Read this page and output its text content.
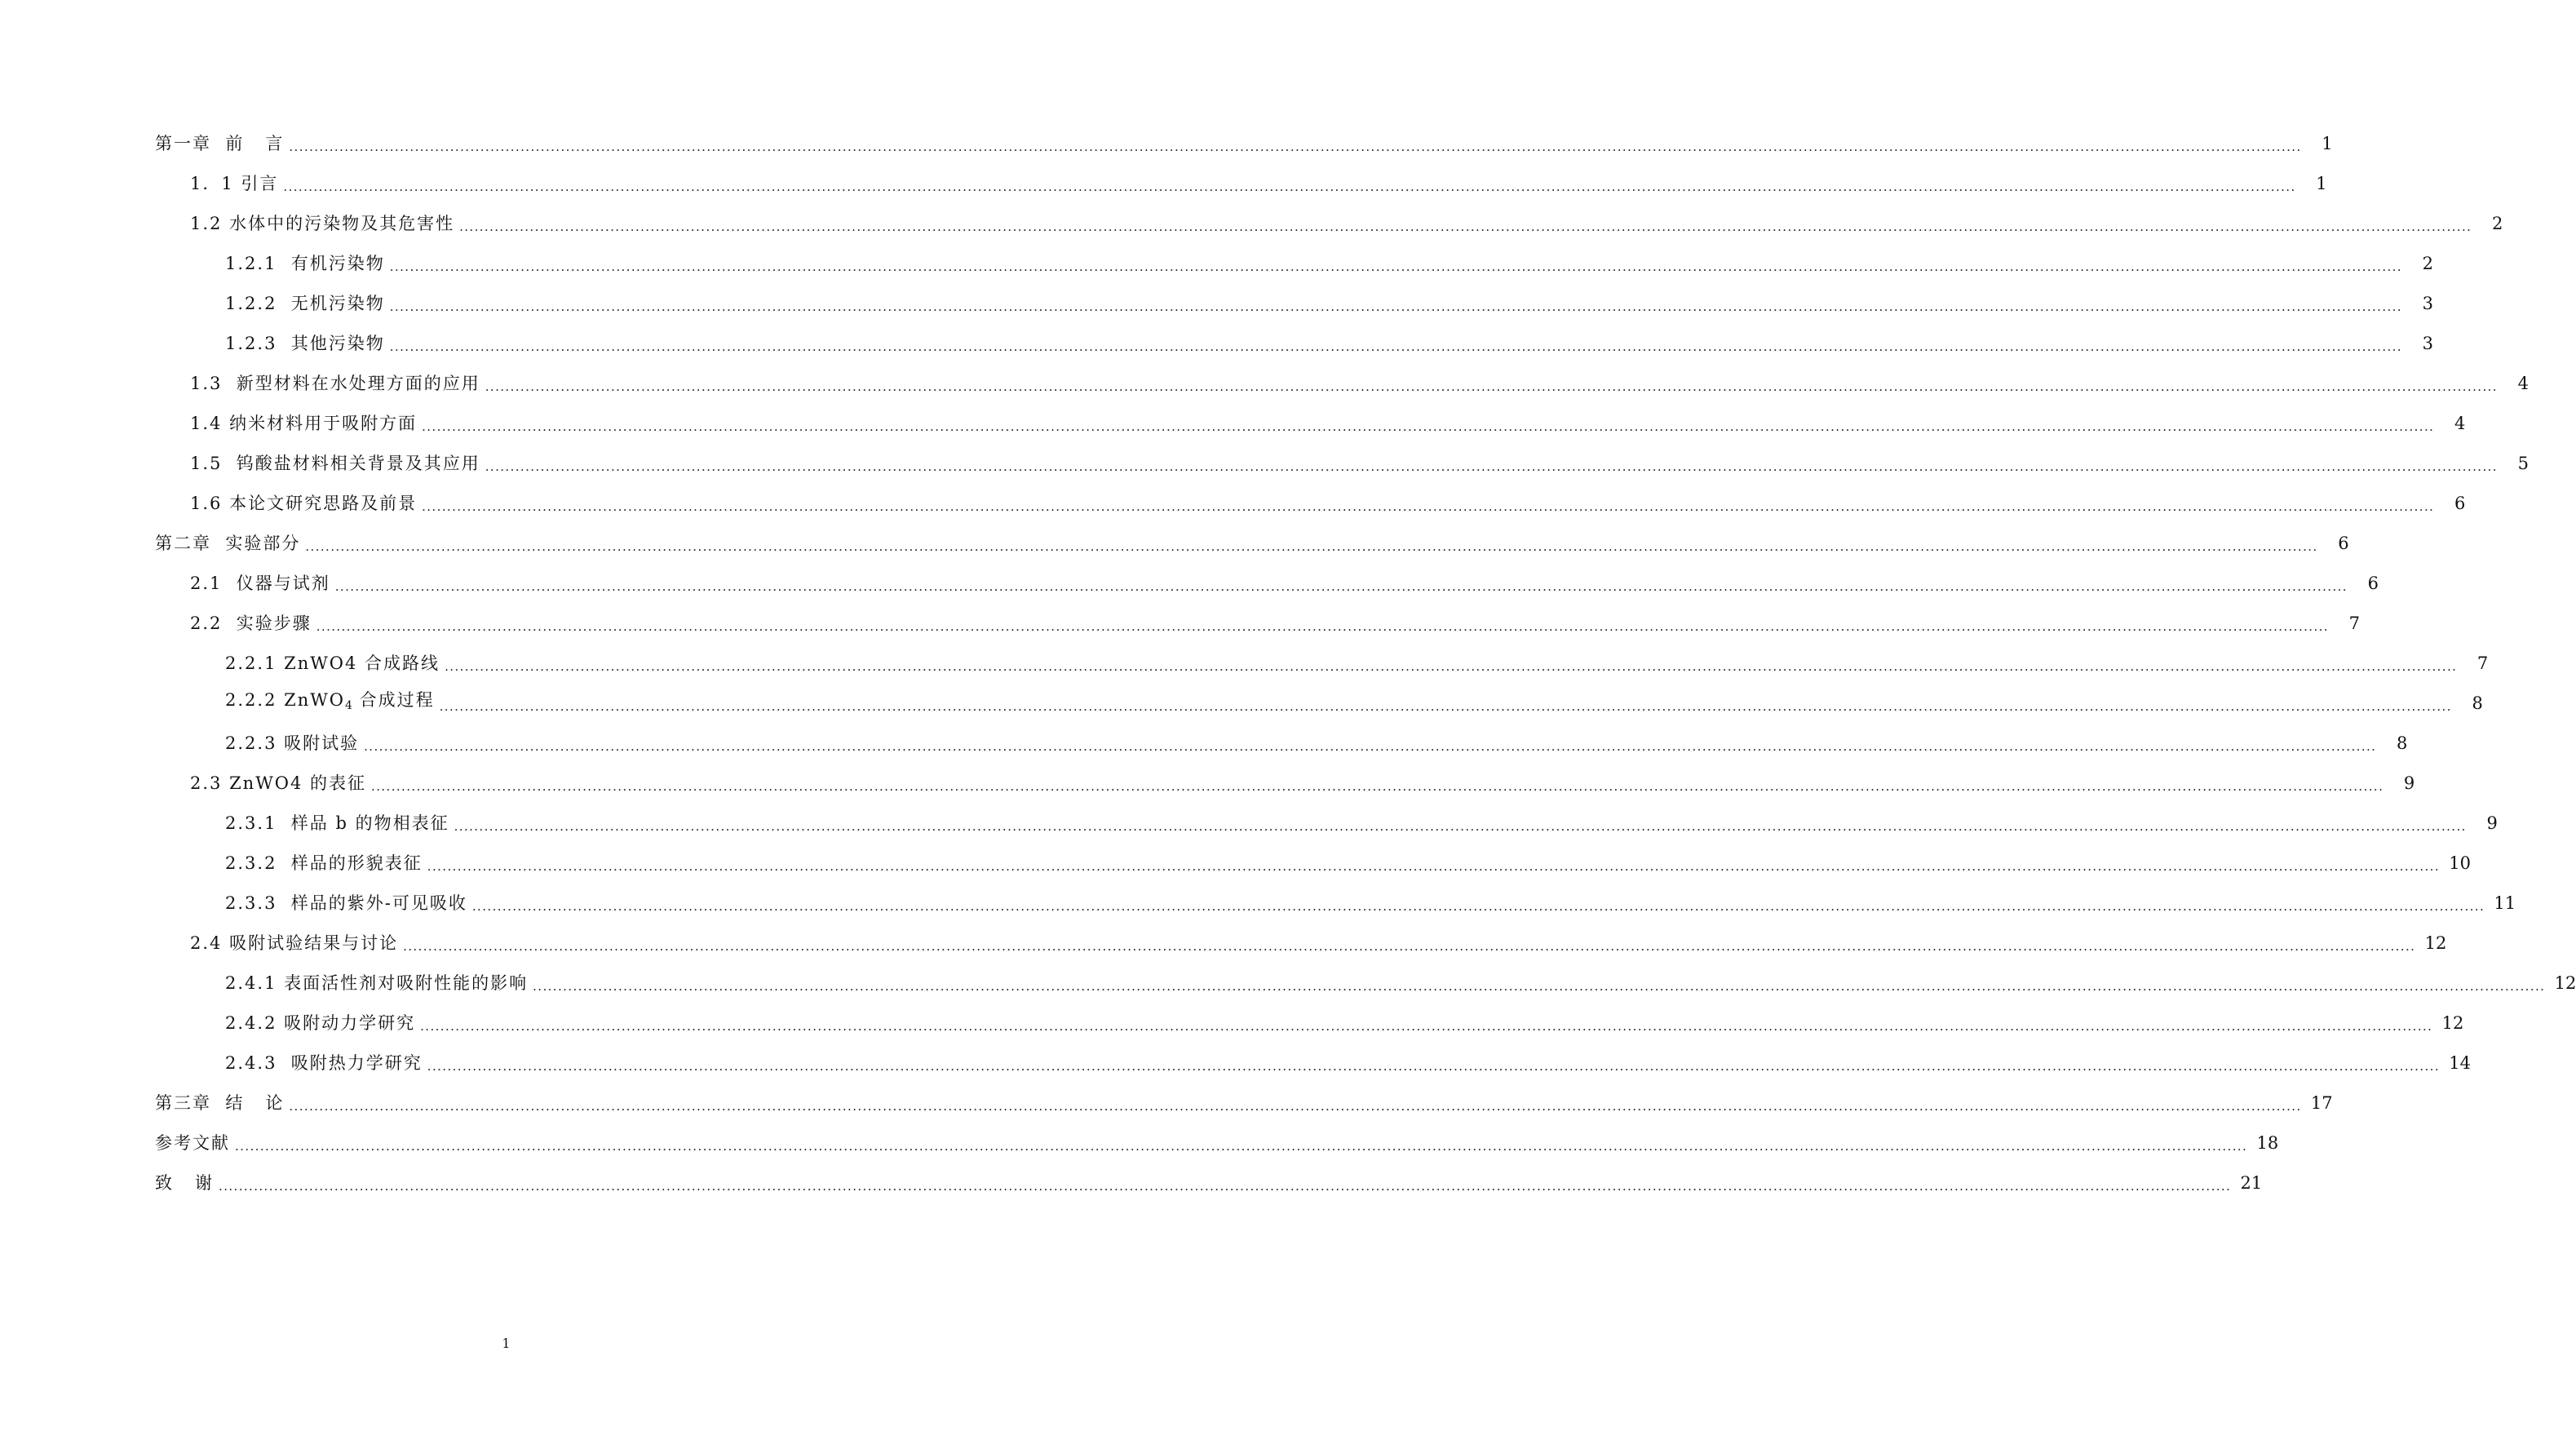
第一章  前   言 ................................................................................................................................................................................................................................................................................................................................................................................................................	1
1．1 引言 ................................................................................................................................................................................................................................................................................................................................................................................................................	1
1.2 水体中的污染物及其危害性 ................................................................................................................................................................................................................................................................................................................................................................................................................	2
1.2.1  有机污染物 ................................................................................................................................................................................................................................................................................................................................................................................................................	2
1.2.2  无机污染物 ................................................................................................................................................................................................................................................................................................................................................................................................................	3
1.2.3  其他污染物 ................................................................................................................................................................................................................................................................................................................................................................................................................	3
1.3  新型材料在水处理方面的应用 ................................................................................................................................................................................................................................................................................................................................................................................................................	4
1.4 纳米材料用于吸附方面 ................................................................................................................................................................................................................................................................................................................................................................................................................	4
1.5  钨酸盐材料相关背景及其应用 ................................................................................................................................................................................................................................................................................................................................................................................................................	5
1.6 本论文研究思路及前景 ................................................................................................................................................................................................................................................................................................................................................................................................................	6
第二章  实验部分 ................................................................................................................................................................................................................................................................................................................................................................................................................	6
2.1  仪器与试剂 ................................................................................................................................................................................................................................................................................................................................................................................................................	6
2.2  实验步骤 ................................................................................................................................................................................................................................................................................................................................................................................................................	7
2.2.1 ZnWO4 合成路线 ................................................................................................................................................................................................................................................................................................................................................................................................................	7
2.2.2 ZnWO$_4$ 合成过程 ................................................................................................................................................................................................................................................................................................................................................................................................................	8
2.2.3 吸附试验 ................................................................................................................................................................................................................................................................................................................................................................................................................	8
2.3 ZnWO4 的表征 ................................................................................................................................................................................................................................................................................................................................................................................................................	9
2.3.1  样品 b 的物相表征 ................................................................................................................................................................................................................................................................................................................................................................................................................	9
2.3.2  样品的形貌表征 ................................................................................................................................................................................................................................................................................................................................................................................................................ 10
2.3.3  样品的紫外-可见吸收 ................................................................................................................................................................................................................................................................................................................................................................................................................ 11
2.4 吸附试验结果与讨论 ................................................................................................................................................................................................................................................................................................................................................................................................................ 12
2.4.1 表面活性剂对吸附性能的影响 ................................................................................................................................................................................................................................................................................................................................................................................................................ 12
2.4.2 吸附动力学研究 ................................................................................................................................................................................................................................................................................................................................................................................................................ 12
2.4.3  吸附热力学研究 ................................................................................................................................................................................................................................................................................................................................................................................................................ 14
第三章  结   论 ................................................................................................................................................................................................................................................................................................................................................................................................................ 17
参考文献 ................................................................................................................................................................................................................................................................................................................................................................................................................ 18
致   谢 ................................................................................................................................................................................................................................................................................................................................................................................................................ 21
1
